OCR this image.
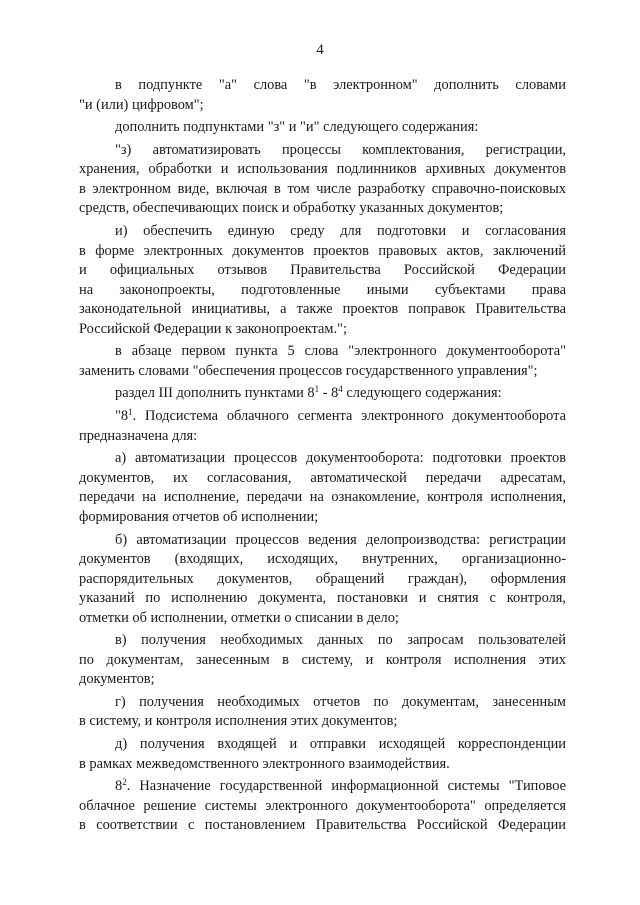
4
в подпункте "а" слова "в электронном" дополнить словами
"и (или) цифровом";
дополнить подпунктами "з" и "и" следующего содержания:
"з) автоматизировать процессы комплектования, регистрации,
хранения, обработки и использования подлинников архивных документов
в электронном виде, включая в том числе разработку справочно-поисковых
средств, обеспечивающих поиск и обработку указанных документов;
и) обеспечить единую среду для подготовки и согласования
в форме электронных документов проектов правовых актов, заключений
и официальных отзывов Правительства Российской Федерации
на законопроекты, подготовленные иными субъектами права
законодательной инициативы, а также проектов поправок Правительства
Российской Федерации к законопроектам.";
в абзаце первом пункта 5 слова "электронного документооборота"
заменить словами "обеспечения процессов государственного управления";
раздел III дополнить пунктами $8^1 - 8^4$ следующего содержания:
"$8^1$. Подсистема облачного сегмента электронного документооборота
предназначена для:
а) автоматизации процессов документооборота: подготовки проектов
документов, их согласования, автоматической передачи адресатам,
передачи на исполнение, передачи на ознакомление, контроля исполнения,
формирования отчетов об исполнении;
б) автоматизации процессов ведения делопроизводства: регистрации
документов (входящих, исходящих, внутренних, организационно-
распорядительных документов, обращений граждан), оформления
указаний по исполнению документа, постановки и снятия с контроля,
отметки об исполнении, отметки о списании в дело;
в) получения необходимых данных по запросам пользователей
по документам, занесенным в систему, и контроля исполнения этих
документов;
г) получения необходимых отчетов по документам, занесенным
в систему, и контроля исполнения этих документов;
д) получения входящей и отправки исходящей корреспонденции
в рамках межведомственного электронного взаимодействия.
$8^2$. Назначение государственной информационной системы "Типовое
облачное решение системы электронного документооборота" определяется
в соответствии с постановлением Правительства Российской Федерации
